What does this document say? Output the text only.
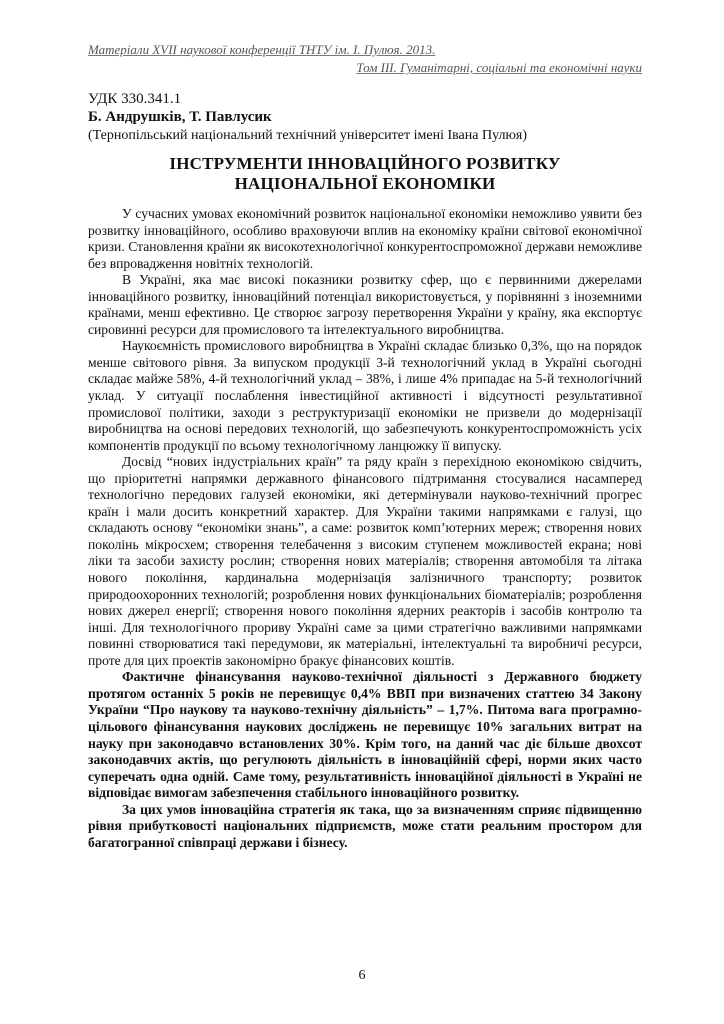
Матеріали XVІІ наукової конференції ТНТУ ім. І. Пулюя. 2013.
Том ІІІ. Гуманітарні, соціальні та економічні науки
УДК 330.341.1
Б. Андрушків, Т. Павлусик
(Тернопільський національний технічний університет імені Івана Пулюя)
ІНСТРУМЕНТИ ІННОВАЦІЙНОГО РОЗВИТКУ
НАЦІОНАЛЬНОЇ ЕКОНОМІКИ

У сучасних умовах економічний розвиток національної економіки неможливо уявити без розвитку інноваційного, особливо враховуючи вплив на економіку країни світової економічної кризи. Становлення країни як високотехнологічної конкурентоспроможної держави неможливе без впровадження новітніх технологій.

В Україні, яка має високі показники розвитку сфер, що є первинними джерелами інноваційного розвитку, інноваційний потенціал використовується, у порівнянні з іноземними країнами, менш ефективно. Це створює загрозу перетворення України у країну, яка експортує сировинні ресурси для промислового та інтелектуального виробництва.

Наукоємність промислового виробництва в Україні складає близько 0,3%, що на порядок менше світового рівня. За випуском продукції 3-й технологічний уклад в Україні сьогодні складає майже 58%, 4-й технологічний уклад – 38%, і лише 4% припадає на 5-й технологічний уклад. У ситуації послаблення інвестиційної активності і відсутності результативної промислової політики, заходи з реструктуризації економіки не призвели до модернізації виробництва на основі передових технологій, що забезпечують конкурентоспроможність усіх компонентів продукції по всьому технологічному ланцюжку її випуску.

Досвід “нових індустріальних країн” та ряду країн з перехідною економікою свідчить, що пріоритетні напрямки державного фінансового підтримання стосувалися насамперед технологічно передових галузей економіки, які детермінували науково-технічний прогрес країн і мали досить конкретний характер. Для України такими напрямками є галузі, що складають основу “економіки знань”, а саме: розвиток комп’ютерних мереж; створення нових поколінь мікросхем; створення телебачення з високим ступенем можливостей екрана; нові ліки та засоби захисту рослин; створення нових матеріалів; створення автомобіля та літака нового покоління, кардинальна модернізація залізничного транспорту; розвиток природоохоронних технологій; розроблення нових функціональних біоматеріалів; розроблення нових джерел енергії; створення нового покоління ядерних реакторів і засобів контролю та інші. Для технологічного прориву Україні саме за цими стратегічно важливими напрямками повинні створюватися такі передумови, як матеріальні, інтелектуальні та виробничі ресурси, проте для цих проектів закономірно бракує фінансових коштів.

Фактичне фінансування науково-технічної діяльності з Державного бюджету протягом останніх 5 років не перевищує 0,4% ВВП при визначених статтею 34 Закону України “Про наукову та науково-технічну діяльність” – 1,7%. Питома вага програмно-цільового фінансування наукових досліджень не перевищує 10% загальних витрат на науку при законодавчо встановлених 30%. Крім того, на даний час діє більше двохсот законодавчих актів, що регулюють діяльність в інноваційній сфері, норми яких часто суперечать одна одній. Саме тому, результативність інноваційної діяльності в Україні не відповідає вимогам забезпечення стабільного інноваційного розвитку.

За цих умов інноваційна стратегія як така, що за визначенням сприяє підвищенню рівня прибутковості національних підприємств, може стати реальним простором для багатогранної співпраці держави і бізнесу.

6
